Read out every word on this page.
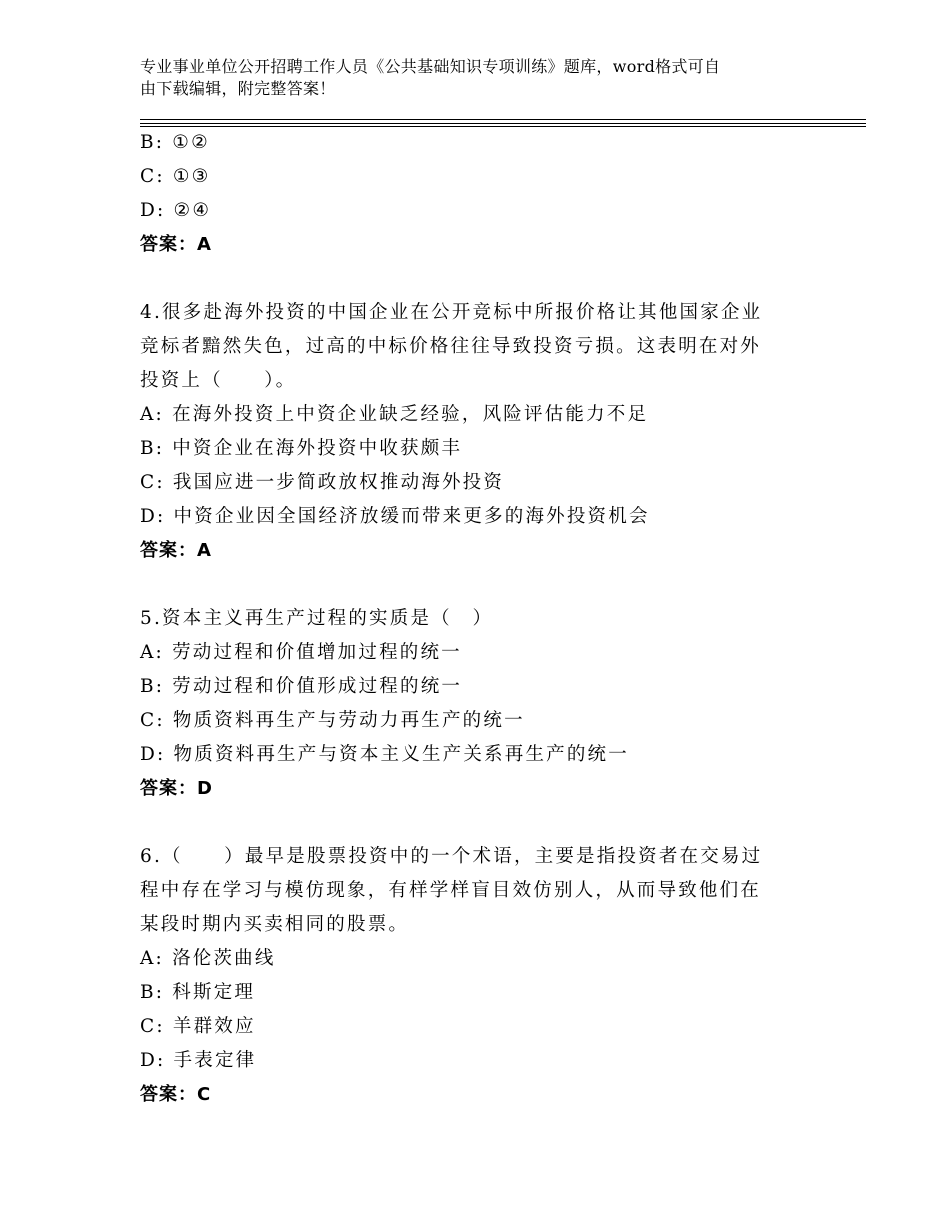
专业事业单位公开招聘工作人员《公共基础知识专项训练》题库，word格式可自
由下载编辑，附完整答案！
B: ①②
C: ①③
D: ②④
答案：A
4.很多赴海外投资的中国企业在公开竞标中所报价格让其他国家企业
竞标者黯然失色，过高的中标价格往往导致投资亏损。这表明在对外
投资上（　　）。
A: 在海外投资上中资企业缺乏经验，风险评估能力不足
B: 中资企业在海外投资中收获颇丰
C: 我国应进一步简政放权推动海外投资
D: 中资企业因全国经济放缓而带来更多的海外投资机会
答案：A
5.资本主义再生产过程的实质是（　）
A: 劳动过程和价值增加过程的统一
B: 劳动过程和价值形成过程的统一
C: 物质资料再生产与劳动力再生产的统一
D: 物质资料再生产与资本主义生产关系再生产的统一
答案：D
6.（　　）最早是股票投资中的一个术语，主要是指投资者在交易过
程中存在学习与模仿现象，有样学样盲目效仿别人，从而导致他们在
某段时期内买卖相同的股票。
A: 洛伦茨曲线
B: 科斯定理
C: 羊群效应
D: 手表定律
答案：C
